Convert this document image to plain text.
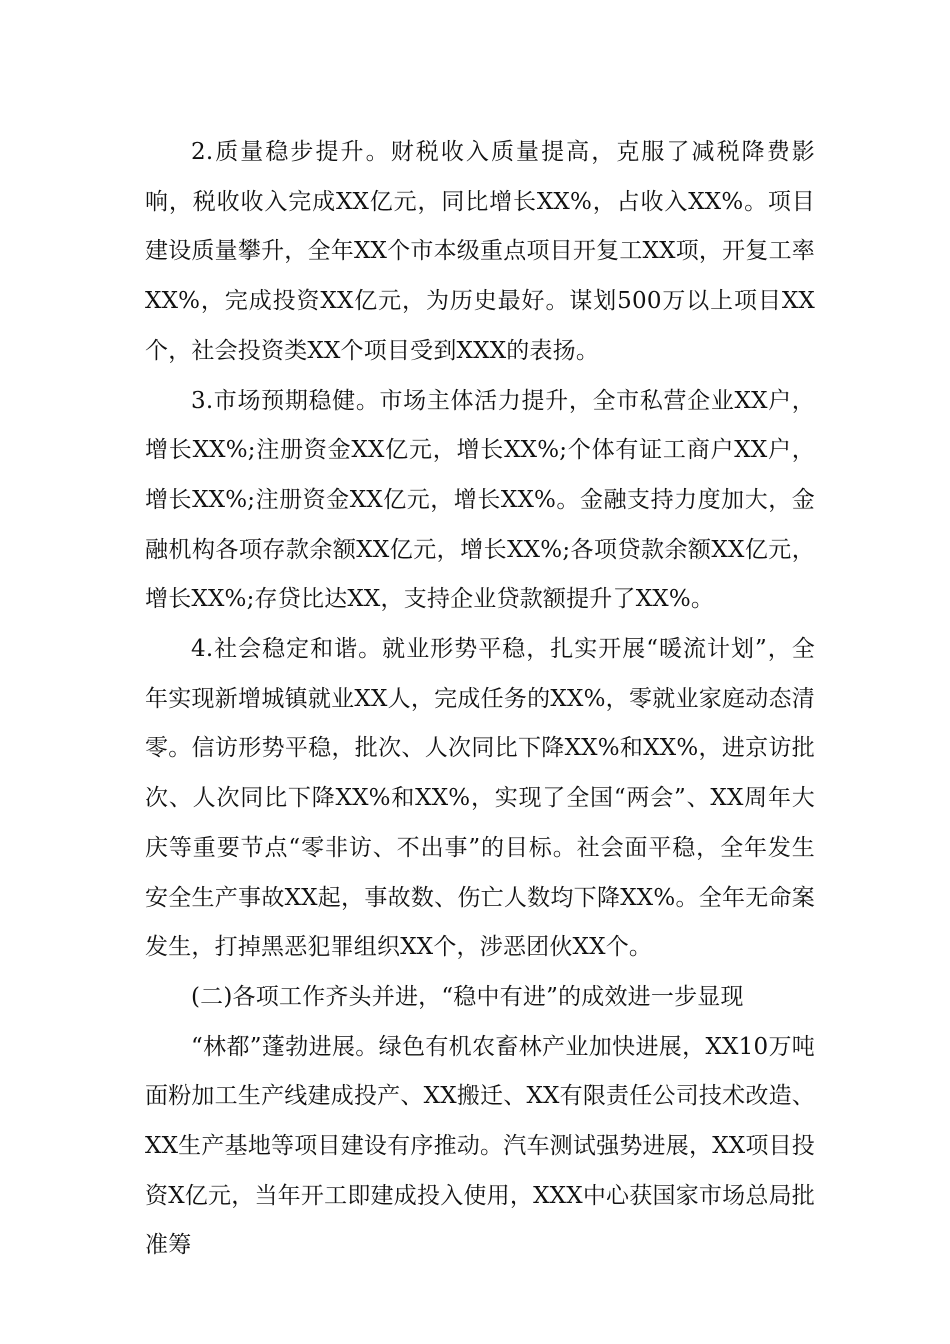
2.质量稳步提升。财税收入质量提高，克服了减税降费影响，税收收入完成XX亿元，同比增长XX%，占收入XX%。项目建设质量攀升，全年XX个市本级重点项目开复工XX项，开复工率XX%，完成投资XX亿元，为历史最好。谋划500万以上项目XX个，社会投资类XX个项目受到XXX的表扬。

3.市场预期稳健。市场主体活力提升，全市私营企业XX户，增长XX%;注册资金XX亿元，增长XX%;个体有证工商户XX户，增长XX%;注册资金XX亿元，增长XX%。金融支持力度加大，金融机构各项存款余额XX亿元，增长XX%;各项贷款余额XX亿元，增长XX%;存贷比达XX，支持企业贷款额提升了XX%。

4.社会稳定和谐。就业形势平稳，扎实开展“暖流计划”，全年实现新增城镇就业XX人，完成任务的XX%，零就业家庭动态清零。信访形势平稳，批次、人次同比下降XX%和XX%，进京访批次、人次同比下降XX%和XX%，实现了全国“两会”、XX周年大庆等重要节点“零非访、不出事”的目标。社会面平稳，全年发生安全生产事故XX起，事故数、伤亡人数均下降XX%。全年无命案发生，打掉黑恶犯罪组织XX个，涉恶团伙XX个。

(二)各项工作齐头并进，“稳中有进”的成效进一步显现

“林都”蓬勃进展。绿色有机农畜林产业加快进展，XX10万吨面粉加工生产线建成投产、XX搬迁、XX有限责任公司技术改造、XX生产基地等项目建设有序推动。汽车测试强势进展，XX项目投资X亿元，当年开工即建成投入使用，XXX中心获国家市场总局批准筹
